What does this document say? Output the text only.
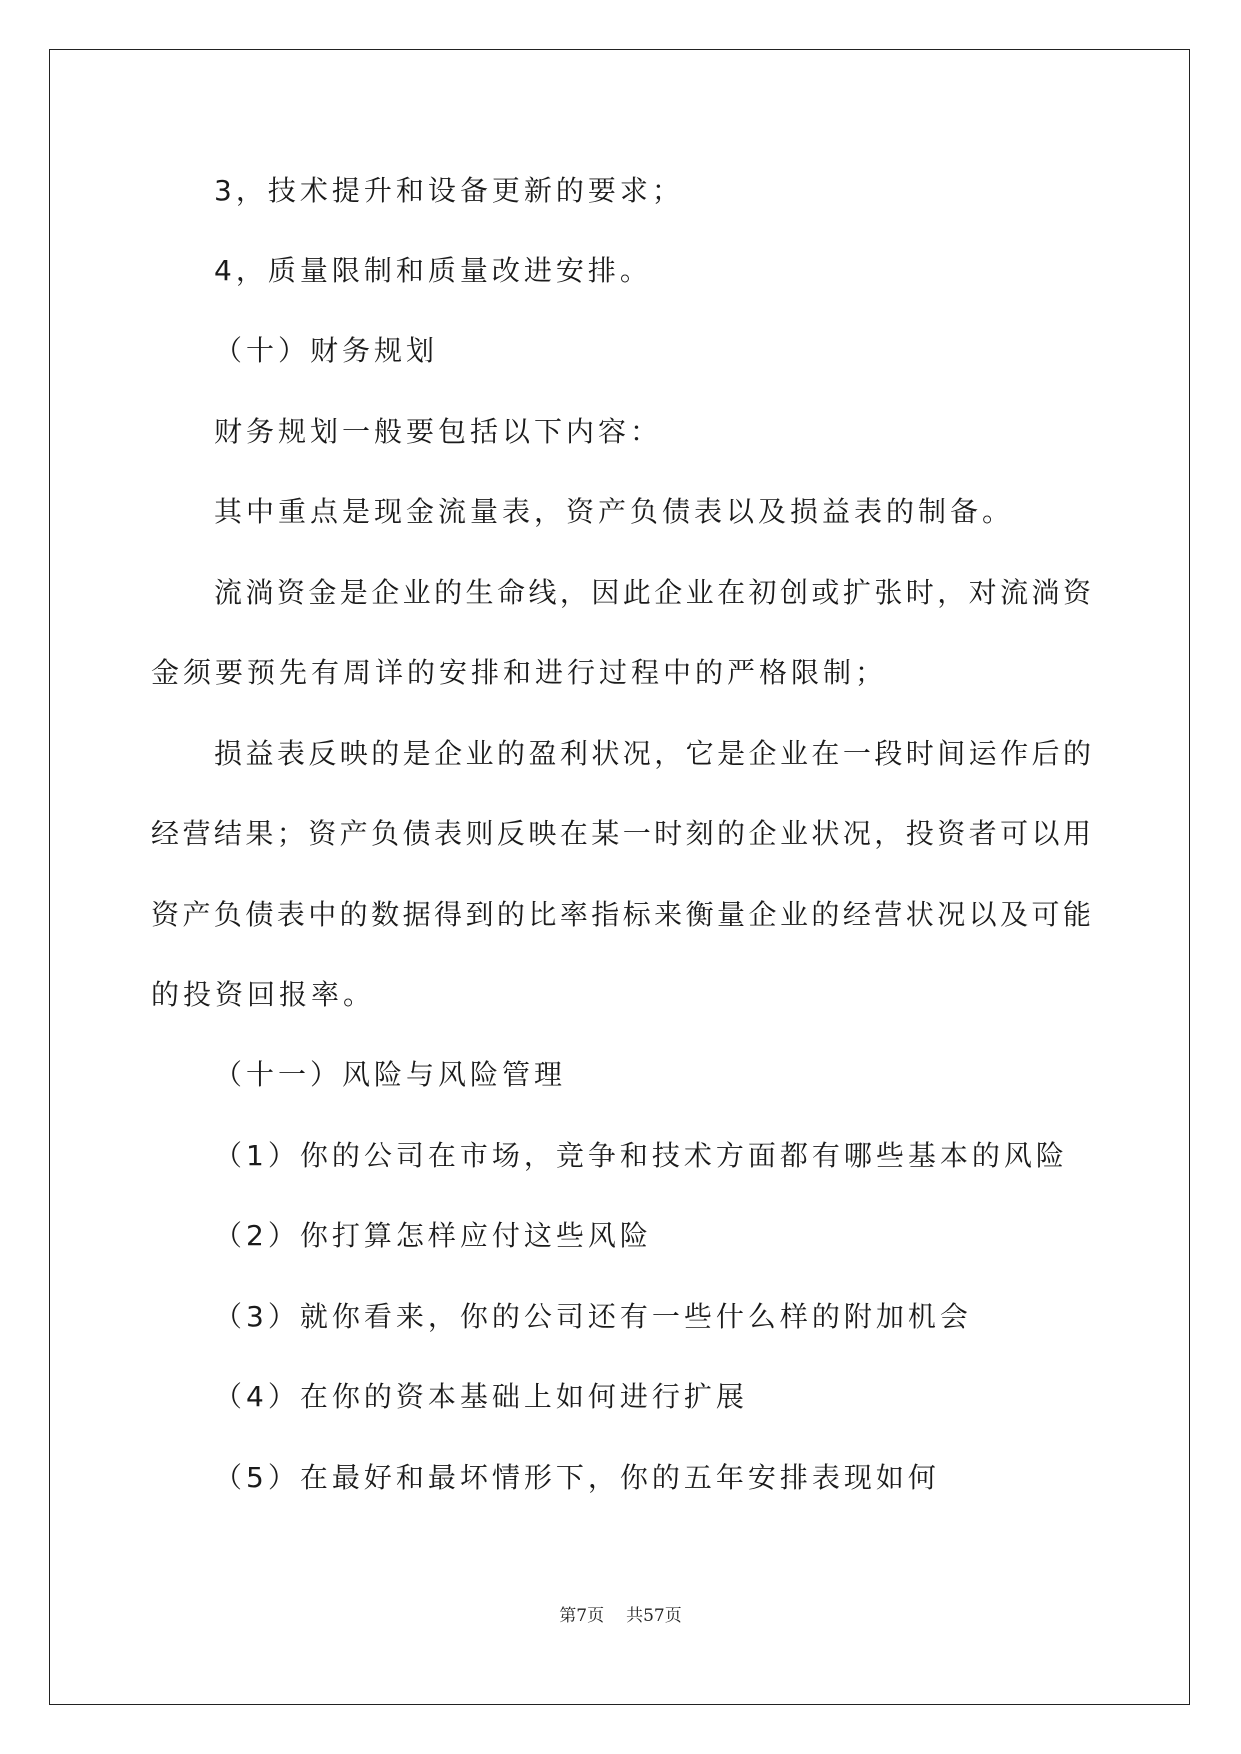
3，技术提升和设备更新的要求；
4，质量限制和质量改进安排。
（十）财务规划
财务规划一般要包括以下内容：
其中重点是现金流量表，资产负债表以及损益表的制备。
流淌资金是企业的生命线，因此企业在初创或扩张时，对流淌资
金须要预先有周详的安排和进行过程中的严格限制；
损益表反映的是企业的盈利状况，它是企业在一段时间运作后的
经营结果；资产负债表则反映在某一时刻的企业状况，投资者可以用
资产负债表中的数据得到的比率指标来衡量企业的经营状况以及可能
的投资回报率。
（十一）风险与风险管理
（1）你的公司在市场，竞争和技术方面都有哪些基本的风险
（2）你打算怎样应付这些风险
（3）就你看来，你的公司还有一些什么样的附加机会
（4）在你的资本基础上如何进行扩展
（5）在最好和最坏情形下，你的五年安排表现如何
第7页 共57页
